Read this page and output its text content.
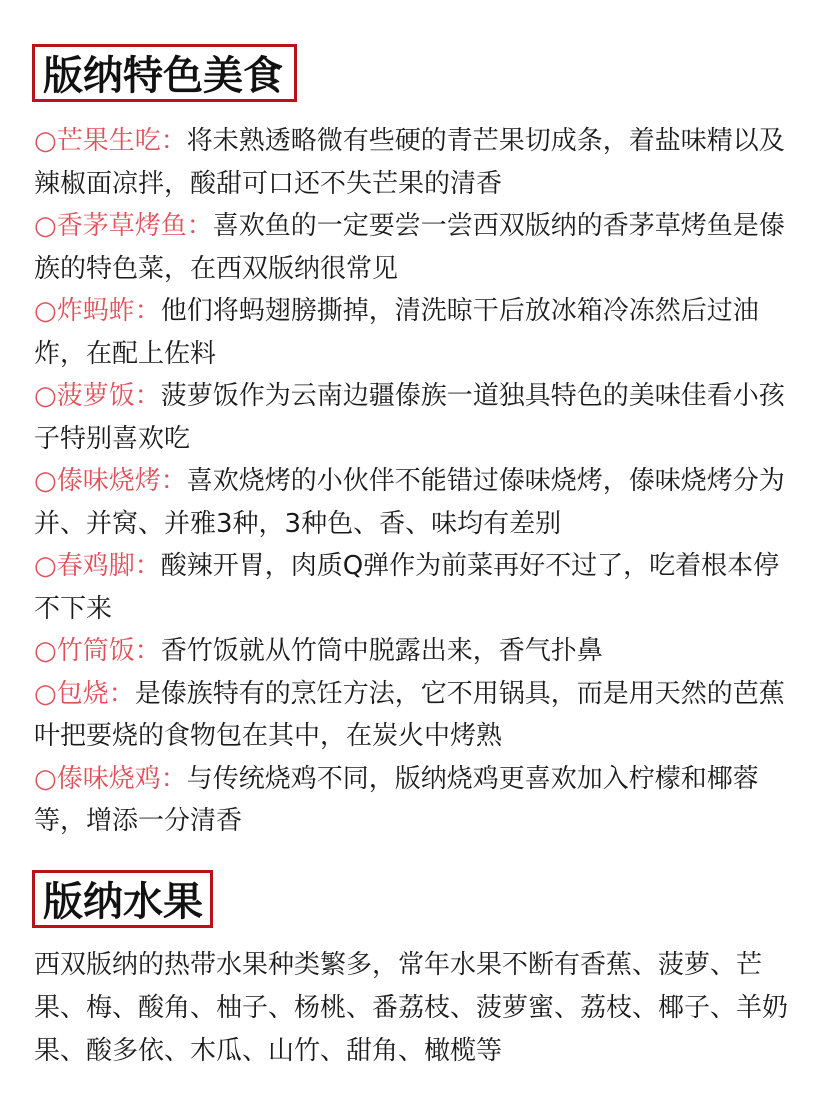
版纳特色美食
○芒果生吃：将未熟透略微有些硬的青芒果切成条，着盐味精以及辣椒面凉拌，酸甜可口还不失芒果的清香
○香茅草烤鱼：喜欢鱼的一定要尝一尝西双版纳的香茅草烤鱼是傣族的特色菜，在西双版纳很常见
○炸蚂蚱：他们将蚂翅膀撕掉，清洗晾干后放冰箱冷冻然后过油炸，在配上佐料
○菠萝饭：菠萝饭作为云南边疆傣族一道独具特色的美味佳看小孩子特别喜欢吃
○傣味烧烤：喜欢烧烤的小伙伴不能错过傣味烧烤，傣味烧烤分为并、并窝、并雅3种，3种色、香、味均有差别
○春鸡脚：酸辣开胃，肉质Q弹作为前菜再好不过了，吃着根本停不下来
○竹筒饭：香竹饭就从竹筒中脱露出来，香气扑鼻
○包烧：是傣族特有的烹饪方法，它不用锅具，而是用天然的芭蕉叶把要烧的食物包在其中，在炭火中烤熟
○傣味烧鸡：与传统烧鸡不同，版纳烧鸡更喜欢加入柠檬和椰蓉等，增添一分清香
版纳水果

西双版纳的热带水果种类繁多，常年水果不断有香蕉、菠萝、芒果、梅、酸角、柚子、杨桃、番荔枝、菠萝蜜、荔枝、椰子、羊奶果、酸多依、木瓜、山竹、甜角、橄榄等
